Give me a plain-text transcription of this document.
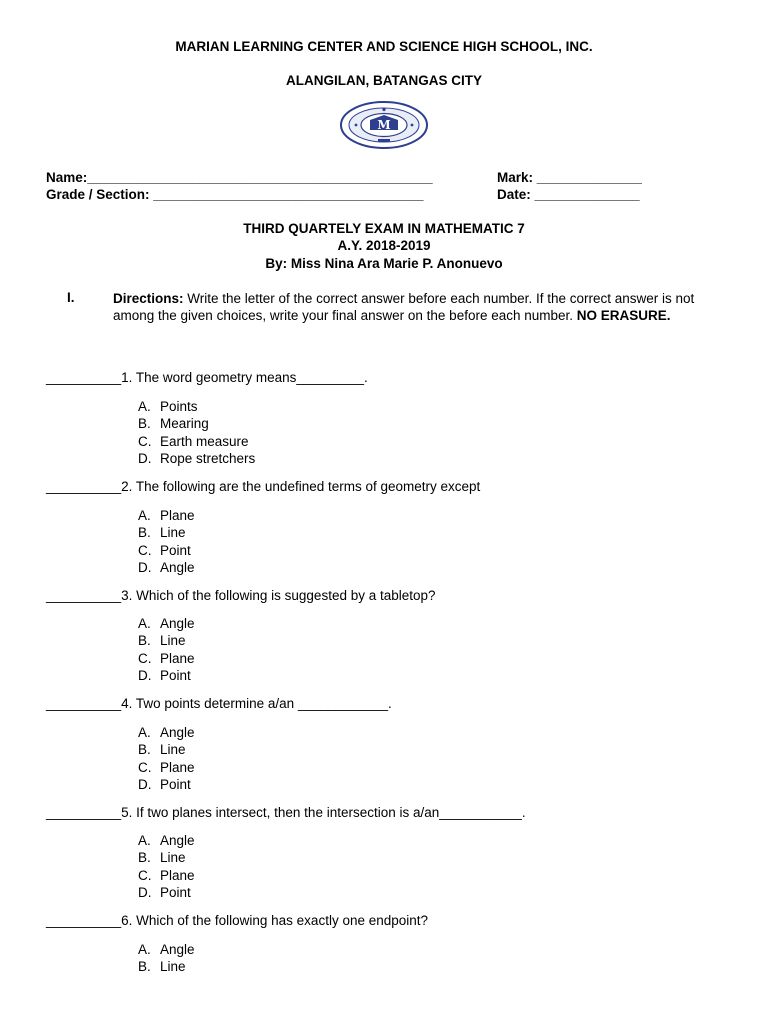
MARIAN LEARNING CENTER AND SCIENCE HIGH SCHOOL, INC.
ALANGILAN, BATANGAS CITY
M
Name:______________________________________________	Mark: ______________
Grade / Section: ____________________________________	Date: ______________
THIRD QUARTELY EXAM IN MATHEMATIC 7
A.Y. 2018-2019
By: Miss Nina Ara Marie P. Anonuevo
I.	Directions: Write the letter of the correct answer before each number. If the correct answer is not among the given choices, write your final answer on the before each number. NO ERASURE.
__________1. The word geometry means_________.
A. Points
B. Mearing
C. Earth measure
D. Rope stretchers
__________2. The following are the undefined terms of geometry except
A. Plane
B. Line
C. Point
D. Angle
__________3. Which of the following is suggested by a tabletop?
A. Angle
B. Line
C. Plane
D. Point
__________4. Two points determine a/an ____________.
A. Angle
B. Line
C. Plane
D. Point
__________5. If two planes intersect, then the intersection is a/an___________.
A. Angle
B. Line
C. Plane
D. Point
__________6. Which of the following has exactly one endpoint?
A. Angle
B. Line
